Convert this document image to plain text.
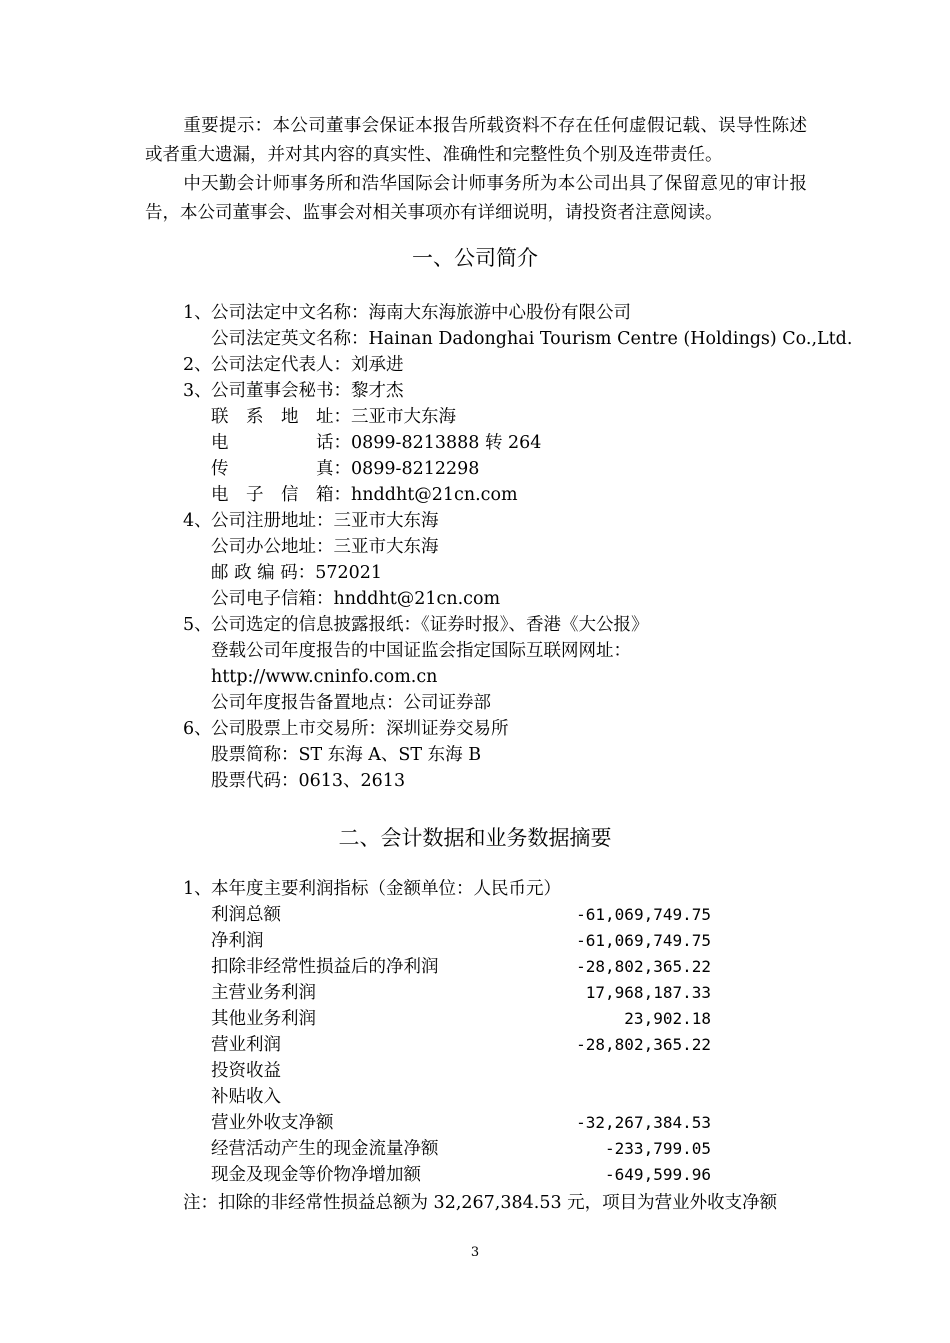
重要提示：本公司董事会保证本报告所载资料不存在任何虚假记载、误导性陈述或者重大遗漏，并对其内容的真实性、准确性和完整性负个别及连带责任。

中天勤会计师事务所和浩华国际会计师事务所为本公司出具了保留意见的审计报告，本公司董事会、监事会对相关事项亦有详细说明，请投资者注意阅读。

一、公司简介
1、 公司法定中文名称：海南大东海旅游中心股份有限公司
公司法定英文名称：Hainan Dadonghai Tourism Centre (Holdings) Co.,Ltd.
2、 公司法定代表人：刘承进
3、 公司董事会秘书：黎才杰
联　系　地　址：三亚市大东海
电　　　　　话：0899-8213888 转 264
传　　　　　真：0899-8212298
电　子　信　箱：hnddht@21cn.com
4、 公司注册地址：三亚市大东海
公司办公地址：三亚市大东海
邮 政 编 码：572021
公司电子信箱：hnddht@21cn.com
5、 公司选定的信息披露报纸：《证券时报》、香港《大公报》
登载公司年度报告的中国证监会指定国际互联网网址：
http://www.cninfo.com.cn
公司年度报告备置地点：公司证券部
6、 公司股票上市交易所：深圳证券交易所
股票简称：ST 东海 A、ST 东海 B
股票代码：0613、2613
二、会计数据和业务数据摘要
1、 本年度主要利润指标（金额单位：人民币元）
利润总额	-61,069,749.75
净利润	-61,069,749.75
扣除非经常性损益后的净利润	-28,802,365.22
主营业务利润	17,968,187.33
其他业务利润	23,902.18
营业利润	-28,802,365.22
投资收益
补贴收入
营业外收支净额	-32,267,384.53
经营活动产生的现金流量净额	-233,799.05
现金及现金等价物净增加额	-649,599.96
注：扣除的非经常性损益总额为 32,267,384.53 元，项目为营业外收支净额
3
